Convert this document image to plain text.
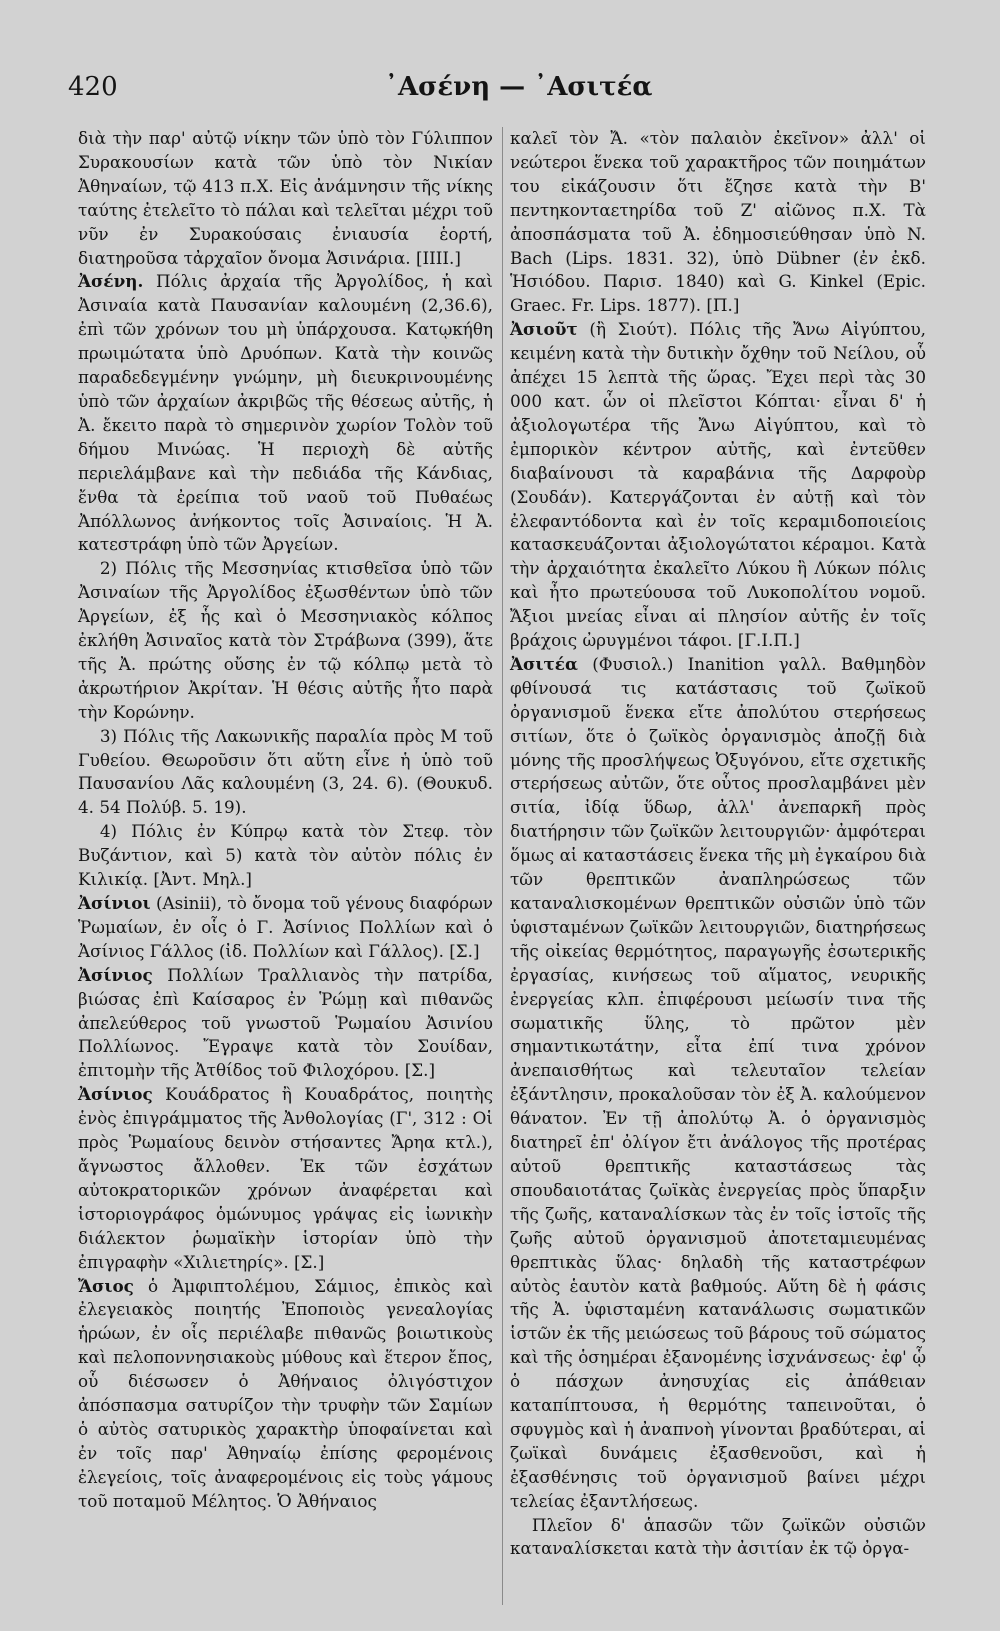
420	᾿Ασένη — ᾿Ασιτέα

διὰ τὴν παρ' αὐτῷ νίκην τῶν ὑπὸ τὸν Γύλιππον Συρακουσίων κατὰ τῶν ὑπὸ τὸν Νικίαν Ἀθηναίων, τῷ 413 π.Χ. Εἰς ἀνάμνησιν τῆς νίκης ταύτης ἐτελεῖτο τὸ πάλαι καὶ τελεῖται μέχρι τοῦ νῦν ἐν Συρακούσαις ἐνιαυσία ἑορτή, διατηροῦσα τἀρχαῖον ὄνομα Ἀσινάρια. [ΙΙΙΙ.]

Ἀσένη. Πόλις ἀρχαία τῆς Ἀργολίδος, ἡ καὶ Ἀσιναία κατὰ Παυσανίαν καλουμένη (2,36.6), ἐπὶ τῶν χρόνων του μὴ ὑπάρχουσα. Κατῳκήθη πρωιμώτατα ὑπὸ Δρυόπων. Κατὰ τὴν κοινῶς παραδεδεγμένην γνώμην, μὴ διευκρινουμένης ὑπὸ τῶν ἀρχαίων ἀκριβῶς τῆς θέσεως αὐτῆς, ἡ Ἀ. ἔκειτο παρὰ τὸ σημερινὸν χωρίον Τολὸν τοῦ δήμου Μινώας. Ἡ περιοχὴ δὲ αὐτῆς περιελάμβανε καὶ τὴν πεδιάδα τῆς Κάνδιας, ἔνθα τὰ ἐρείπια τοῦ ναοῦ τοῦ Πυθαέως Ἀπόλλωνος ἀνήκοντος τοῖς Ἀσιναίοις. Ἡ Ἀ. κατεστράφη ὑπὸ τῶν Ἀργείων.

2) Πόλις τῆς Μεσσηνίας κτισθεῖσα ὑπὸ τῶν Ἀσιναίων τῆς Ἀργολίδος ἐξωσθέντων ὑπὸ τῶν Ἀργείων, ἐξ ἧς καὶ ὁ Μεσσηνιακὸς κόλπος ἐκλήθη Ἀσιναῖος κατὰ τὸν Στράβωνα (399), ἅτε τῆς Ἀ. πρώτης οὔσης ἐν τῷ κόλπῳ μετὰ τὸ ἀκρωτήριον Ἀκρίταν. Ἡ θέσις αὐτῆς ἦτο παρὰ τὴν Κορώνην.

3) Πόλις τῆς Λακωνικῆς παραλία πρὸς Μ τοῦ Γυθείου. Θεωροῦσιν ὅτι αὕτη εἶνε ἡ ὑπὸ τοῦ Παυσανίου Λᾶς καλουμένη (3, 24. 6). (Θουκυδ. 4. 54 Πολύβ. 5. 19).

4) Πόλις ἐν Κύπρῳ κατὰ τὸν Στεφ. τὸν Βυζάντιον, καὶ 5) κατὰ τὸν αὐτὸν πόλις ἐν Κιλικίᾳ. [Ἀντ. Μηλ.]

Ἀσίνιοι (Asinii), τὸ ὄνομα τοῦ γένους διαφόρων Ῥωμαίων, ἐν οἷς ὁ Γ. Ἀσίνιος Πολλίων καὶ ὁ Ἀσίνιος Γάλλος (ἰδ. Πολλίων καὶ Γάλλος). [Σ.]

Ἀσίνιος Πολλίων Τραλλιανὸς τὴν πατρίδα, βιώσας ἐπὶ Καίσαρος ἐν Ῥώμῃ καὶ πιθανῶς ἀπελεύθερος τοῦ γνωστοῦ Ῥωμαίου Ἀσινίου Πολλίωνος. Ἔγραψε κατὰ τὸν Σουίδαν, ἐπιτομὴν τῆς Ἀτθίδος τοῦ Φιλοχόρου. [Σ.]

Ἀσίνιος Κουάδρατος ἢ Κουαδράτος, ποιητὴς ἑνὸς ἐπιγράμματος τῆς Ἀνθολογίας (Γ', 312 : Οἱ πρὸς Ῥωμαίους δεινὸν στήσαντες Ἄρηα κτλ.), ἄγνωστος ἄλλοθεν. Ἐκ τῶν ἐσχάτων αὐτοκρατορικῶν χρόνων ἀναφέρεται καὶ ἱστοριογράφος ὁμώνυμος γράψας εἰς ἰωνικὴν διάλεκτον ῥωμαϊκὴν ἱστορίαν ὑπὸ τὴν ἐπιγραφὴν «Χιλιετηρίς». [Σ.]

Ἄσιος ὁ Ἀμφιπτολέμου, Σάμιος, ἐπικὸς καὶ ἐλεγειακὸς ποιητής Ἐποποιὸς γενεαλογίας ἡρώων, ἐν οἷς περιέλαβε πιθανῶς βοιωτικοὺς καὶ πελοποννησιακοὺς μύθους καὶ ἕτερον ἔπος, οὗ διέσωσεν ὁ Ἀθήναιος ὀλιγόστιχον ἀπόσπασμα σατυρίζον τὴν τρυφὴν τῶν Σαμίων ὁ αὐτὸς σατυρικὸς χαρακτὴρ ὑποφαίνεται καὶ ἐν τοῖς παρ' Ἀθηναίῳ ἐπίσης φερομένοις ἐλεγείοις, τοῖς ἀναφερομένοις εἰς τοὺς γάμους τοῦ ποταμοῦ Μέλητος. Ὁ Ἀθήναιος

καλεῖ τὸν Ἄ. «τὸν παλαιὸν ἐκεῖνον» ἀλλ' οἱ νεώτεροι ἕνεκα τοῦ χαρακτῆρος τῶν ποιημάτων του εἰκάζουσιν ὅτι ἔζησε κατὰ τὴν Β' πεντηκονταετηρίδα τοῦ Ζ' αἰῶνος π.Χ. Τὰ ἀποσπάσματα τοῦ Ἀ. ἐδημοσιεύθησαν ὑπὸ N. Bach (Lips. 1831. 32), ὑπὸ Dübner (ἐν ἐκδ. Ἡσιόδου. Παρισ. 1840) καὶ G. Kinkel (Epic. Graec. Fr. Lips. 1877). [Π.]

Ἀσιοῦτ (ἢ Σιούτ). Πόλις τῆς Ἄνω Αἰγύπτου, κειμένη κατὰ τὴν δυτικὴν ὄχθην τοῦ Νείλου, οὗ ἀπέχει 15 λεπτὰ τῆς ὥρας. Ἔχει περὶ τὰς 30 000 κατ. ὧν οἱ πλεῖστοι Κόπται· εἶναι δ' ἡ ἀξιολογωτέρα τῆς Ἄνω Αἰγύπτου, καὶ τὸ ἐμπορικὸν κέντρον αὐτῆς, καὶ ἐντεῦθεν διαβαίνουσι τὰ καραβάνια τῆς Δαρφοὺρ (Σουδάν). Κατεργάζονται ἐν αὐτῇ καὶ τὸν ἐλεφαντόδοντα καὶ ἐν τοῖς κεραμιδοποιείοις κατασκευάζονται ἀξιολογώτατοι κέραμοι. Κατὰ τὴν ἀρχαιότητα ἐκαλεῖτο Λύκου ἢ Λύκων πόλις καὶ ἦτο πρωτεύουσα τοῦ Λυκοπολίτου νομοῦ. Ἄξιοι μνείας εἶναι αἱ πλησίον αὐτῆς ἐν τοῖς βράχοις ὠρυγμένοι τάφοι. [Γ.Ι.Π.]

Ἀσιτέα (Φυσιολ.) Inanition γαλλ. Βαθμηδὸν φθίνουσά τις κατάστασις τοῦ ζωϊκοῦ ὀργανισμοῦ ἕνεκα εἴτε ἀπολύτου στερήσεως σιτίων, ὅτε ὁ ζωϊκὸς ὀργανισμὸς ἀποζῇ διὰ μόνης τῆς προσλήψεως Ὀξυγόνου, εἴτε σχετικῆς στερήσεως αὐτῶν, ὅτε οὗτος προσλαμβάνει μὲν σιτία, ἰδίᾳ ὕδωρ, ἀλλ' ἀνεπαρκῆ πρὸς διατήρησιν τῶν ζωϊκῶν λειτουργιῶν· ἀμφότεραι ὅμως αἱ καταστάσεις ἕνεκα τῆς μὴ ἐγκαίρου διὰ τῶν θρεπτικῶν ἀναπληρώσεως τῶν καταναλισκομένων θρεπτικῶν οὐσιῶν ὑπὸ τῶν ὑφισταμένων ζωϊκῶν λειτουργιῶν, διατηρήσεως τῆς οἰκείας θερμότητος, παραγωγῆς ἐσωτερικῆς ἐργασίας, κινήσεως τοῦ αἵματος, νευρικῆς ἐνεργείας κλπ. ἐπιφέρουσι μείωσίν τινα τῆς σωματικῆς ὕλης, τὸ πρῶτον μὲν σημαντικωτάτην, εἶτα ἐπί τινα χρόνον ἀνεπαισθήτως καὶ τελευταῖον τελείαν ἐξάντλησιν, προκαλοῦσαν τὸν ἐξ Ἀ. καλούμενον θάνατον. Ἐν τῇ ἀπολύτῳ Ἀ. ὁ ὀργανισμὸς διατηρεῖ ἐπ' ὀλίγον ἔτι ἀνάλογος τῆς προτέρας αὐτοῦ θρεπτικῆς καταστάσεως τὰς σπουδαιοτάτας ζωϊκὰς ἐνεργείας πρὸς ὕπαρξιν τῆς ζωῆς, καταναλίσκων τὰς ἐν τοῖς ἱστοῖς τῆς ζωῆς αὐτοῦ ὀργανισμοῦ ἀποτεταμιευμένας θρεπτικὰς ὕλας· δηλαδὴ τῆς καταστρέφων αὐτὸς ἑαυτὸν κατὰ βαθμούς. Αὕτη δὲ ἡ φάσις τῆς Ἀ. ὑφισταμένη κατανάλωσις σωματικῶν ἱστῶν ἐκ τῆς μειώσεως τοῦ βάρους τοῦ σώματος καὶ τῆς ὁσημέραι ἐξανομένης ἰσχνάνσεως· ἐφ' ᾧ ὁ πάσχων ἀνησυχίας εἰς ἀπάθειαν καταπίπτουσα, ἡ θερμότης ταπεινοῦται, ὁ σφυγμὸς καὶ ἡ ἀναπνοὴ γίνονται βραδύτεραι, αἱ ζωϊκαὶ δυνάμεις ἐξασθενοῦσι, καὶ ἡ ἐξασθένησις τοῦ ὀργανισμοῦ βαίνει μέχρι τελείας ἐξαντλήσεως.

Πλεῖον δ' ἁπασῶν τῶν ζωϊκῶν οὐσιῶν καταναλίσκεται κατὰ τὴν ἀσιτίαν ἐκ τῷ ὀργα-
